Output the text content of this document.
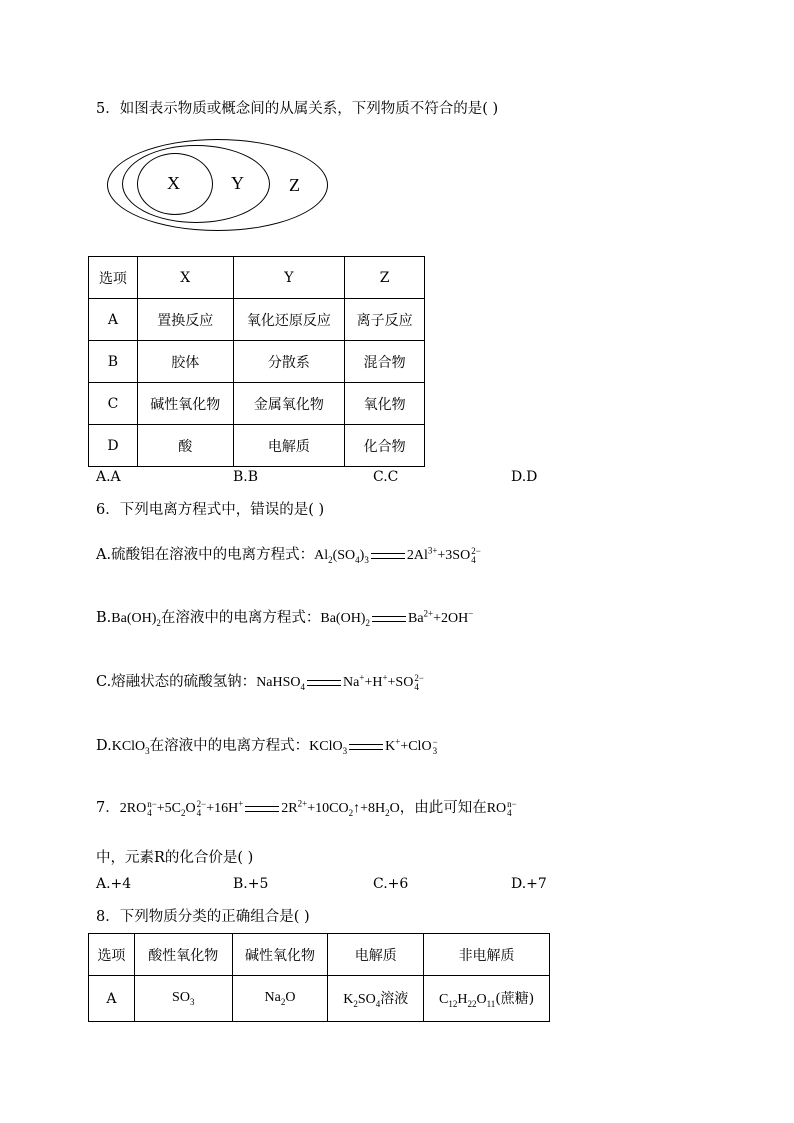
5．如图表示物质或概念间的从属关系，下列物质不符合的是( )
X	Y	Z
选项	X	Y	Z
A	置换反应	氧化还原反应	离子反应
B	胶体	分散系	混合物
C	碱性氧化物	金属氧化物	氧化物
D	酸	电解质	化合物
A.A	B.B	C.C	D.D
6．下列电离方程式中，错误的是( )
A.硫酸铝在溶液中的电离方程式：$Al_2(SO_4)_3$	$2Al^{3+}+3SO$ 2−
4
$B.Ba(OH)_2$在溶液中的电离方程式：$Ba(OH)_2$	$Ba^{2+}+2OH^-$
C.熔融状态的硫酸氢钠：NaHSO$_4$	Na++H++SO 2−
4
D.KClO$_3$在溶液中的电离方程式：KClO$_3$	K++ClO −
3
7．2RO n−
$4 +5C_2O$ 2−
4 +16H+	$2R^{2+}+10CO_2↑+8H_2O$，由此可知在RO n−
4
中，元素R的化合价是( )
A.+4	B.+5	C.+6	D.+7
8．下列物质分类的正确组合是( )
选项	酸性氧化物	碱性氧化物	电解质	非电解质
A	$SO_3$	$Na_2O$	$K_2SO_4$溶液	$C_{12}H_{22}O_{11}$(蔗糖)
